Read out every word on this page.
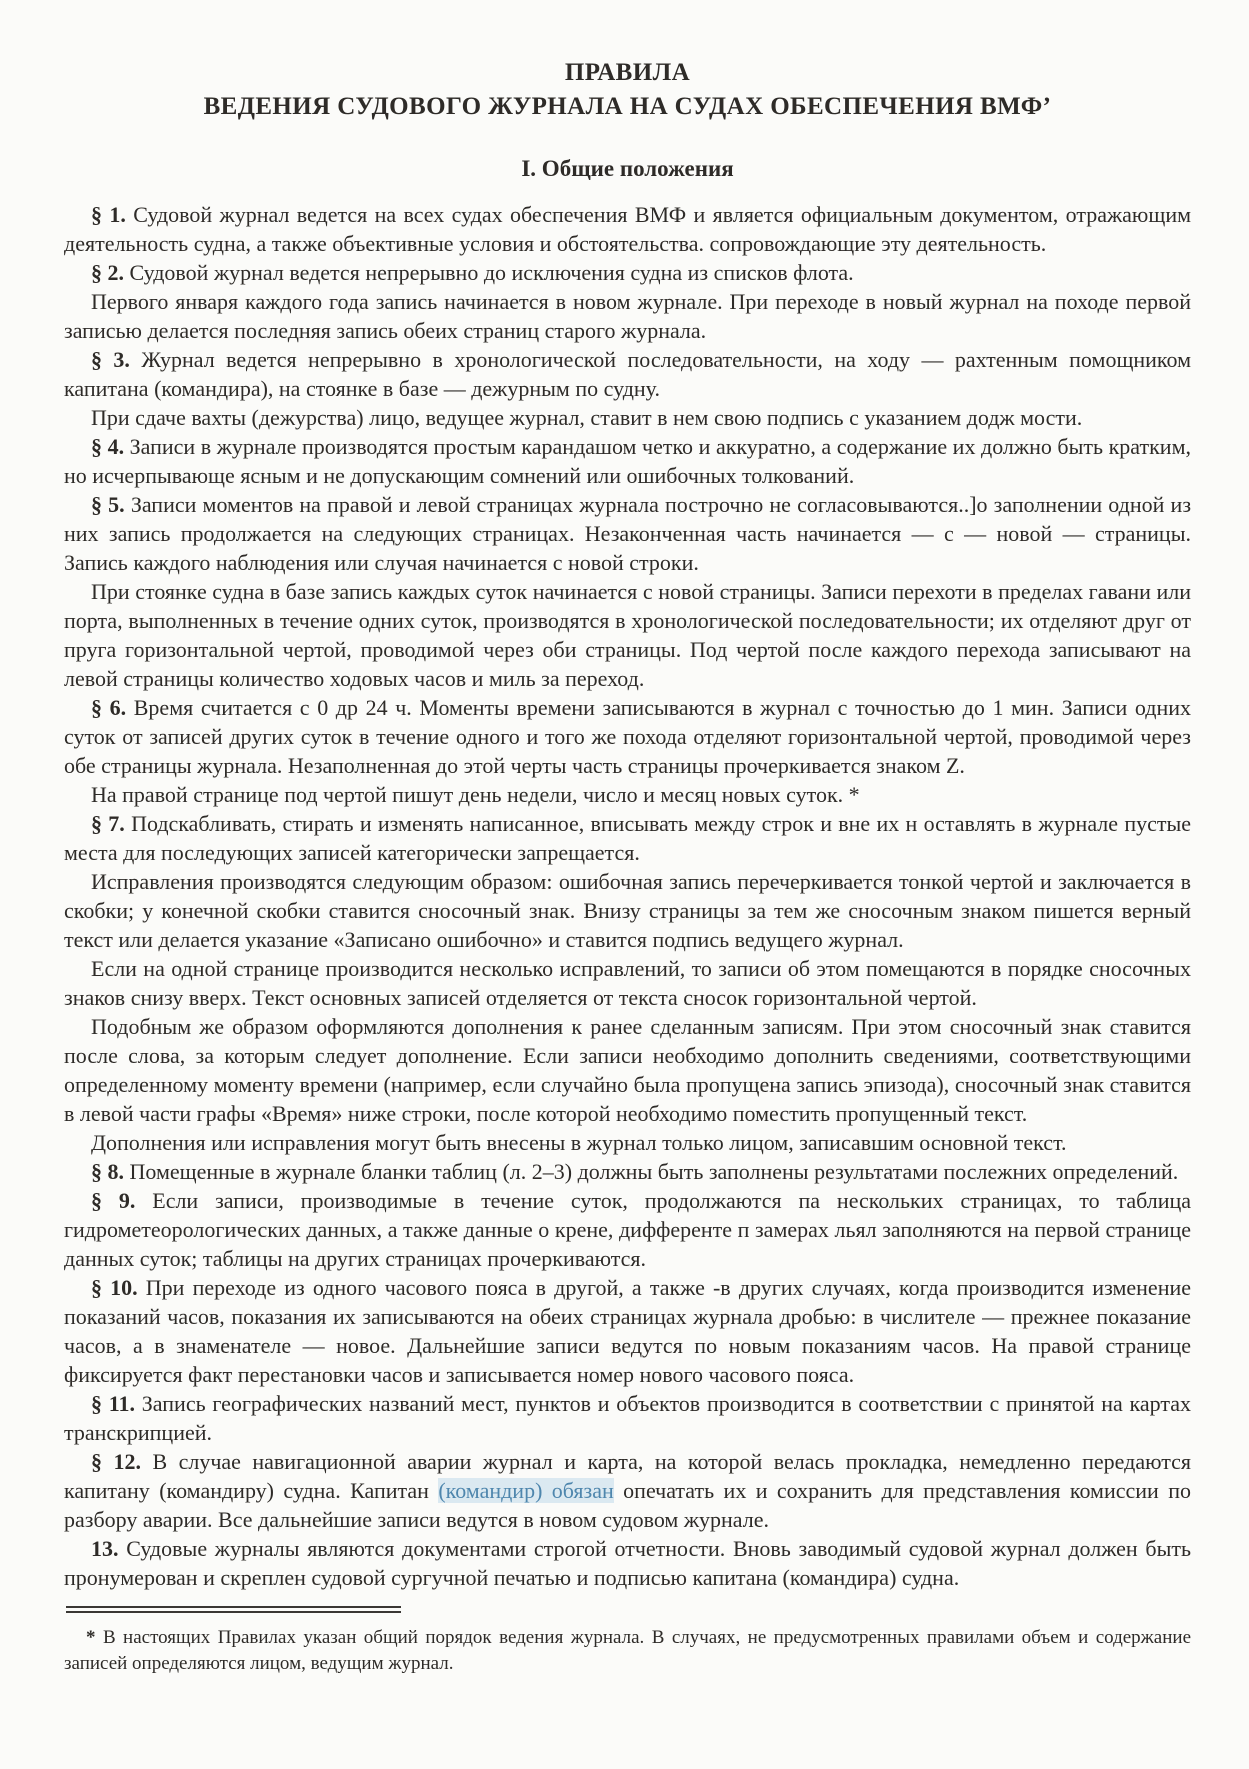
ПРАВИЛА

ВЕДЕНИЯ СУДОВОГО ЖУРНАЛА НА СУДАХ ОБЕСПЕЧЕНИЯ ВМФ’

I. Общие положения

§ 1. Судовой журнал ведется на всех судах обеспечения ВМФ и является официальным документом, отражающим деятельность судна, а также объективные условия и обстоятельства. сопровождающие эту деятельность.

§ 2. Судовой журнал ведется непрерывно до исключения судна из списков флота.

Первого января каждого года запись начинается в новом журнале. При переходе в новый журнал на походе первой записью делается последняя запись обеих страниц старого журнала.

§ 3. Журнал ведется непрерывно в хронологической последовательности, на ходу — рахтенным помощником капитана (командира), на стоянке в базе — дежурным по судну.

При сдаче вахты (дежурства) лицо, ведущее журнал, ставит в нем свою подпись с указанием додж мости.

§ 4. Записи в журнале производятся простым карандашом четко и аккуратно, а содержание их должно быть кратким, но исчерпывающе ясным и не допускающим сомнений или ошибочных толкований.

§ 5. Записи моментов на правой и левой страницах журнала построчно не согласовываются..]о заполнении одной из них запись продолжается на следующих страницах. Незаконченная часть начинается — с — новой — страницы. Запись каждого наблюдения или случая начинается с новой строки.

При стоянке судна в базе запись каждых суток начинается с новой страницы. Записи перехоти в пределах гавани или порта, выполненных в течение одних суток, производятся в хронологической последовательности; их отделяют друг от пруга горизонтальной чертой, проводимой через оби страницы. Под чертой после каждого перехода записывают на левой страницы количество ходовых часов и миль за переход.

§ 6. Время считается с 0 др 24 ч. Моменты времени записываются в журнал с точностью до 1 мин. Записи одних суток от записей других суток в течение одного и того же похода отделяют горизонтальной чертой, проводимой через обе страницы журнала. Незаполненная до этой черты часть страницы прочеркивается знаком Z.

На правой странице под чертой пишут день недели, число и месяц новых суток. *

§ 7. Подскабливать, стирать и изменять написанное, вписывать между строк и вне их н оставлять в журнале пустые места для последующих записей категорически запрещается.

Исправления производятся следующим образом: ошибочная запись перечеркивается тонкой чертой и заключается в скобки; у конечной скобки ставится сносочный знак. Внизу страницы за тем же сносочным знаком пишется верный текст или делается указание «Записано ошибочно» и ставится подпись ведущего журнал.

Если на одной странице производится несколько исправлений, то записи об этом помещаются в порядке сносочных знаков снизу вверх. Текст основных записей отделяется от текста сносок горизонтальной чертой.

Подобным же образом оформляются дополнения к ранее сделанным записям. При этом сносочный знак ставится после слова, за которым следует дополнение. Если записи необходимо дополнить сведениями, соответствующими определенному моменту времени (например, если случайно была пропущена запись эпизода), сносочный знак ставится в левой части графы «Время» ниже строки, после которой необходимо поместить пропущенный текст.

Дополнения или исправления могут быть внесены в журнал только лицом, записавшим основной текст.

§ 8. Помещенные в журнале бланки таблиц (л. 2–3) должны быть заполнены результатами послежних определений.

§ 9. Если записи, производимые в течение суток, продолжаются па нескольких страницах, то таблица гидрометеорологических данных, а также данные о крене, дифференте п замерах льял заполняются на первой странице данных суток; таблицы на других страницах прочеркиваются.

§ 10. При переходе из одного часового пояса в другой, а также -в других случаях, когда производится изменение показаний часов, показания их записываются на обеих страницах журнала дробью: в числителе — прежнее показание часов, а в знаменателе — новое. Дальнейшие записи ведутся по новым показаниям часов. На правой странице фиксируется факт перестановки часов и записывается номер нового часового пояса.

§ 11. Запись географических названий мест, пунктов и объектов производится в соответствии с принятой на картах транскрипцией.

§ 12. В случае навигационной аварии журнал и карта, на которой велась прокладка, немедленно передаются капитану (командиру) судна. Капитан (командир) обязан опечатать их и сохранить для представления комиссии по разбору аварии. Все дальнейшие записи ведутся в новом судовом журнале.

13. Судовые журналы являются документами строгой отчетности. Вновь заводимый судовой журнал должен быть пронумерован и скреплен судовой сургучной печатью и подписью капитана (командира) судна.

* В настоящих Правилах указан общий порядок ведения журнала. В случаях, не предусмотренных правилами объем и содержание записей определяются лицом, ведущим журнал.
